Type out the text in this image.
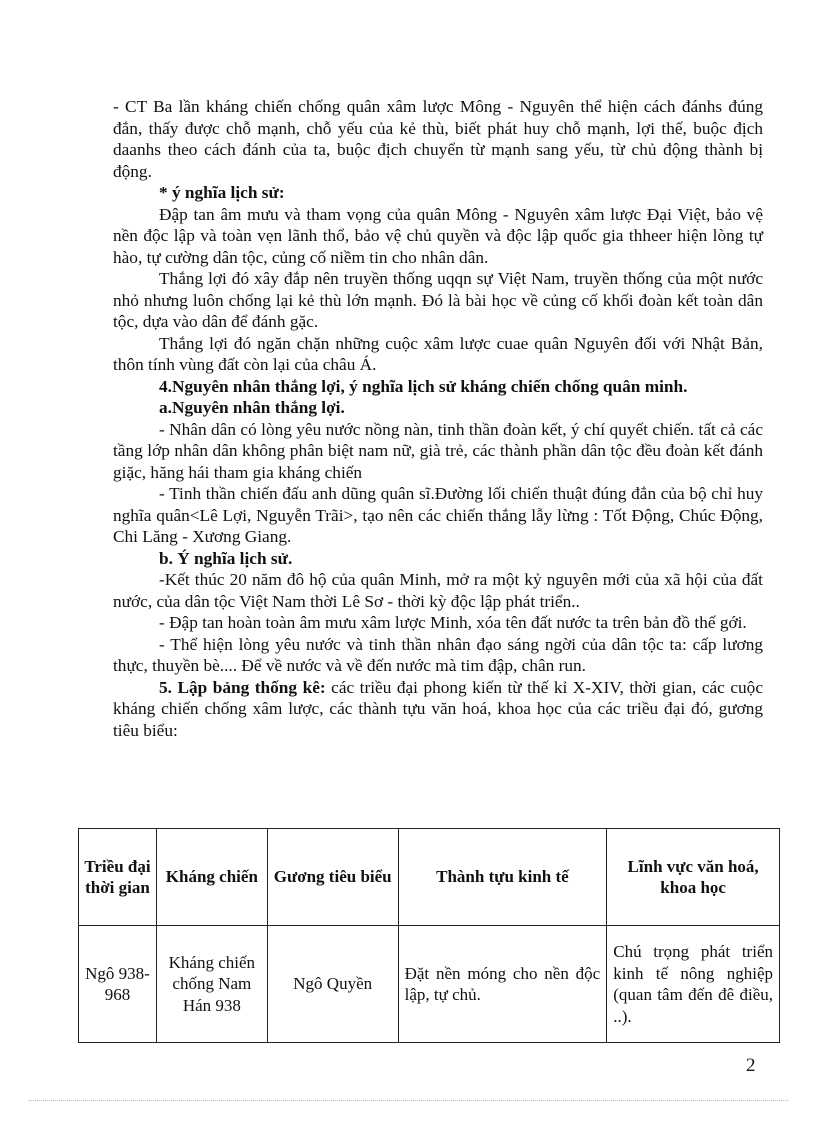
- CT Ba lần kháng chiến chống quân xâm lược Mông - Nguyên thể hiện cách đánhs đúng đắn, thấy được chỗ mạnh, chỗ yếu của kẻ thù, biết phát huy chỗ mạnh, lợi thế, buộc địch daanhs theo cách đánh của ta, buộc địch chuyển từ mạnh sang yếu, từ chủ động thành bị động.

* ý nghĩa lịch sử:

Đập tan âm mưu và tham vọng của quân Mông - Nguyên xâm lược Đại Việt, bảo vệ nền độc lập và toàn vẹn lãnh thổ, bảo vệ chủ quyền và độc lập quốc gia thheer hiện lòng tự hào, tự cường dân tộc, củng cố niềm tin cho nhân dân.

Thắng lợi đó xây đắp nên truyền thống uqqn sự Việt Nam, truyền thống của một nước nhỏ nhưng luôn chống lại kẻ thù lớn mạnh. Đó là bài học về củng cố khối đoàn kết toàn dân tộc, dựa vào dân để đánh gặc.

Thắng lợi đó ngăn chặn những cuộc xâm lược cuae quân Nguyên đối với Nhật Bản, thôn tính vùng đất còn lại của châu Á.

4.Nguyên nhân thắng lợi, ý nghĩa lịch sử kháng chiến chống quân minh.

a.Nguyên nhân thắng lợi.

- Nhân dân có lòng yêu nước nồng nàn, tinh thần đoàn kết, ý chí quyết chiến. tất cả các tầng lớp nhân dân không phân biệt nam nữ, già trẻ, các thành phần dân tộc đều đoàn kết đánh giặc, hăng hái tham gia kháng chiến

- Tinh thần chiến đấu anh dũng quân sĩ.Đường lối chiến thuật đúng đắn của bộ chỉ huy nghĩa quân<Lê Lợi, Nguyễn Trãi>, tạo nên các chiến thắng lẫy lừng : Tốt Động, Chúc Động, Chi Lăng - Xương Giang.

b. Ý nghĩa lịch sử.

-Kết thúc 20 năm đô hộ của quân Minh, mở ra một kỷ nguyên mới của xã hội của đất nước, của dân tộc Việt Nam thời Lê Sơ - thời kỳ độc lập phát triển..

- Đập tan hoàn toàn âm mưu xâm lược Minh, xóa tên đất nước ta trên bản đồ thế gới.

- Thể hiện lòng yêu nước và tinh thần nhân đạo sáng ngời của dân tộc ta: cấp lương thực, thuyền bè.... Để về nước và về đến nước mà tim đập, chân run.

5. Lập bảng thống kê: các triều đại phong kiến từ thế kỉ X-XIV, thời gian, các cuộc kháng chiến chống xâm lược, các thành tựu văn hoá, khoa học của các triều đại đó, gương tiêu biểu:

Triều đại thời gian	Kháng chiến	Gương tiêu biểu	Thành tựu kinh tế	Lĩnh vực văn hoá, khoa học
Ngô 938-968	Kháng chiến chống Nam Hán 938	Ngô Quyền	Đặt nền móng cho nền độc lập, tự chủ.	Chú trọng phát triển kinh tế nông nghiệp (quan tâm đến đê điều, ..).
2
